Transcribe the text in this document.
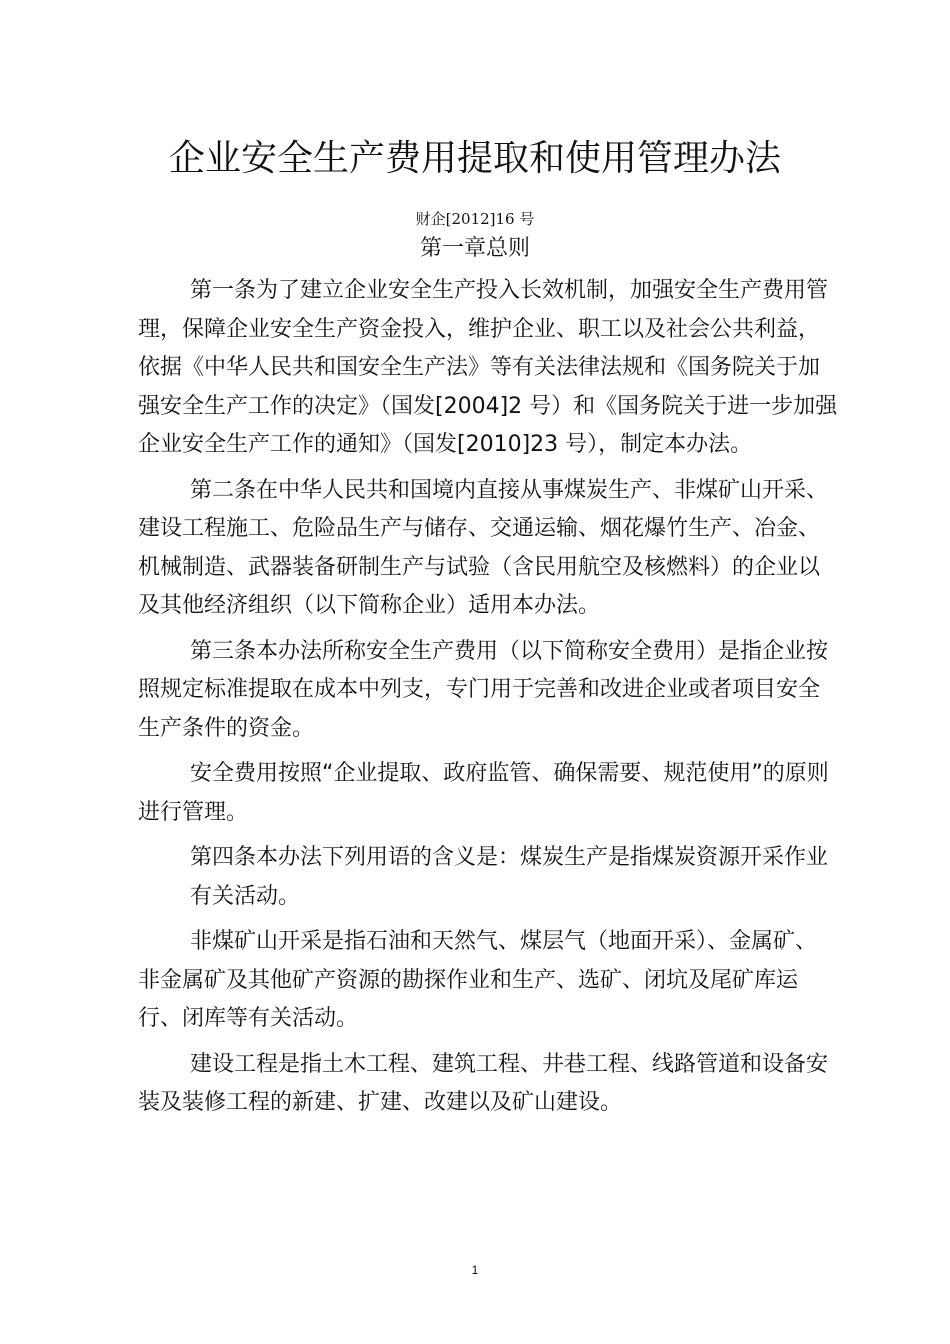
企业安全生产费用提取和使用管理办法
财企[2012]16 号
第一章总则

第一条为了建立企业安全生产投入长效机制，加强安全生产费用管理，保障企业安全生产资金投入，维护企业、职工以及社会公共利益，依据《中华人民共和国安全生产法》等有关法律法规和《国务院关于加强安全生产工作的决定》（国发[2004]2 号）和《国务院关于进一步加强企业安全生产工作的通知》（国发[2010]23 号），制定本办法。

第二条在中华人民共和国境内直接从事煤炭生产、非煤矿山开采、建设工程施工、危险品生产与储存、交通运输、烟花爆竹生产、冶金、机械制造、武器装备研制生产与试验（含民用航空及核燃料）的企业以及其他经济组织（以下简称企业）适用本办法。

第三条本办法所称安全生产费用（以下简称安全费用）是指企业按照规定标准提取在成本中列支，专门用于完善和改进企业或者项目安全生产条件的资金。

安全费用按照“企业提取、政府监管、确保需要、规范使用”的原则进行管理。

第四条本办法下列用语的含义是：煤炭生产是指煤炭资源开采作业有关活动。

非煤矿山开采是指石油和天然气、煤层气（地面开采）、金属矿、非金属矿及其他矿产资源的勘探作业和生产、选矿、闭坑及尾矿库运行、闭库等有关活动。

建设工程是指土木工程、建筑工程、井巷工程、线路管道和设备安装及装修工程的新建、扩建、改建以及矿山建设。

1
